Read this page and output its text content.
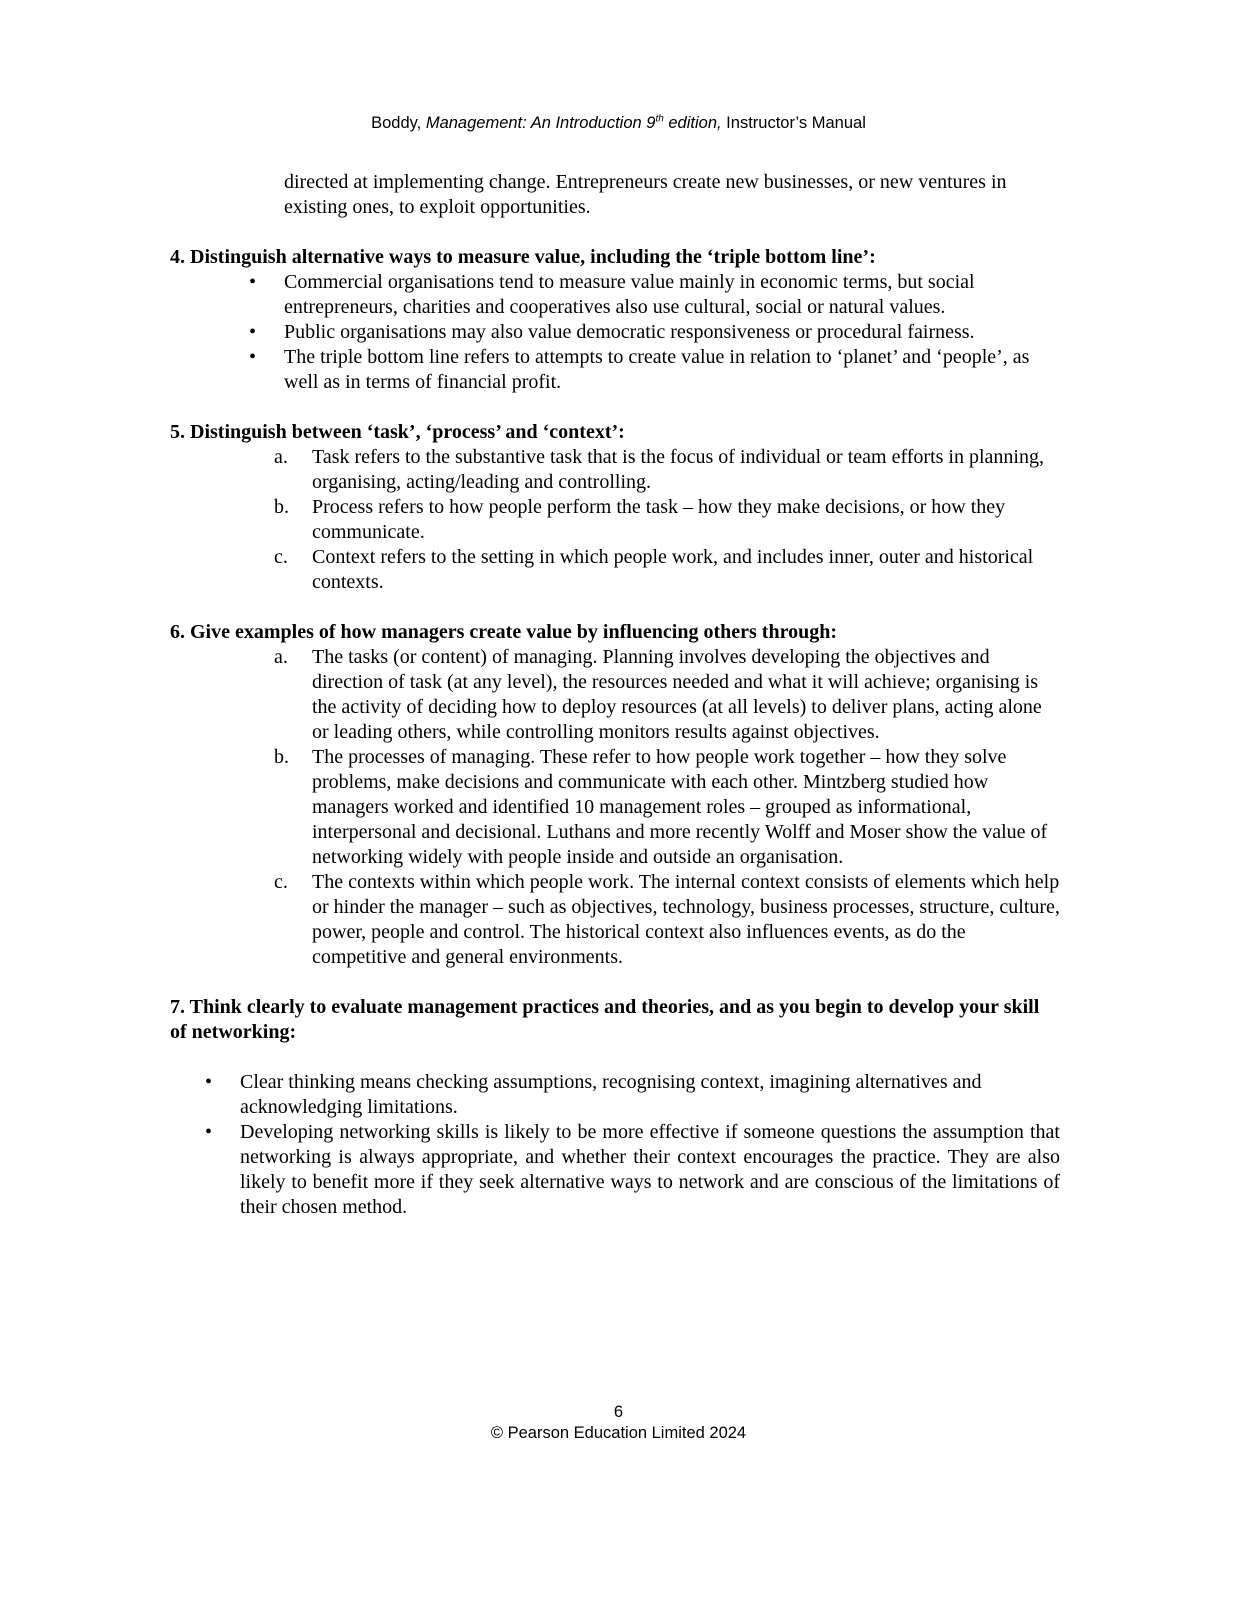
Boddy, Management: An Introduction 9th edition, Instructor’s Manual

directed at implementing change. Entrepreneurs create new businesses, or new ventures in existing ones, to exploit opportunities.

4. Distinguish alternative ways to measure value, including the ‘triple bottom line’:

• Commercial organisations tend to measure value mainly in economic terms, but social entrepreneurs, charities and cooperatives also use cultural, social or natural values.
• Public organisations may also value democratic responsiveness or procedural fairness.
• The triple bottom line refers to attempts to create value in relation to ‘planet’ and ‘people’, as well as in terms of financial profit.

5. Distinguish between ‘task’, ‘process’ and ‘context’:

a. Task refers to the substantive task that is the focus of individual or team efforts in planning, organising, acting/leading and controlling.
b. Process refers to how people perform the task – how they make decisions, or how they communicate.
c. Context refers to the setting in which people work, and includes inner, outer and historical contexts.

6. Give examples of how managers create value by influencing others through:

a. The tasks (or content) of managing. Planning involves developing the objectives and direction of task (at any level), the resources needed and what it will achieve; organising is the activity of deciding how to deploy resources (at all levels) to deliver plans, acting alone or leading others, while controlling monitors results against objectives.
b. The processes of managing. These refer to how people work together – how they solve problems, make decisions and communicate with each other. Mintzberg studied how managers worked and identified 10 management roles – grouped as informational, interpersonal and decisional. Luthans and more recently Wolff and Moser show the value of networking widely with people inside and outside an organisation.
c. The contexts within which people work. The internal context consists of elements which help or hinder the manager – such as objectives, technology, business processes, structure, culture, power, people and control. The historical context also influences events, as do the competitive and general environments.

7. Think clearly to evaluate management practices and theories, and as you begin to develop your skill of networking:

• Clear thinking means checking assumptions, recognising context, imagining alternatives and acknowledging limitations.
• Developing networking skills is likely to be more effective if someone questions the assumption that networking is always appropriate, and whether their context encourages the practice. They are also likely to benefit more if they seek alternative ways to network and are conscious of the limitations of their chosen method.
6
© Pearson Education Limited 2024
